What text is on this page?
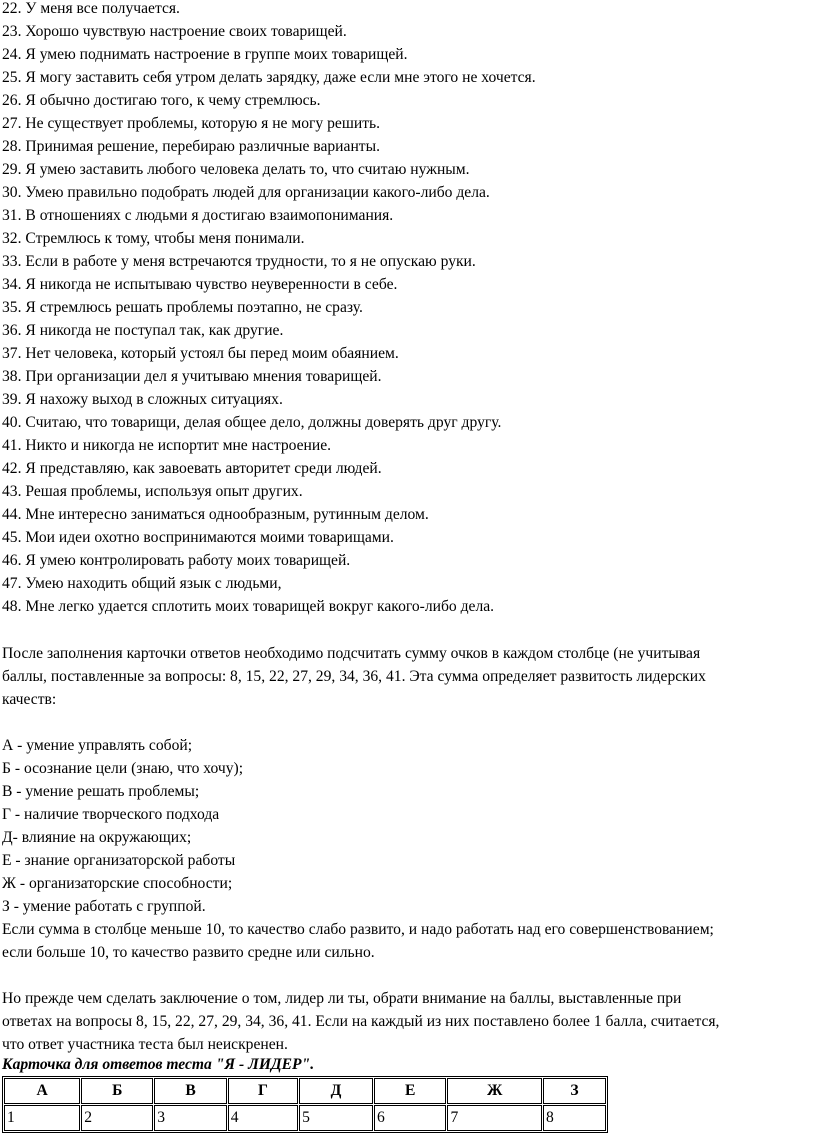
22. У меня все получается.
23. Хорошо чувствую настроение своих товарищей.
24. Я умею поднимать настроение в группе моих товарищей.
25. Я могу заставить себя утром делать зарядку, даже если мне этого не хочется.
26. Я обычно достигаю того, к чему стремлюсь.
27. Не существует проблемы, которую я не могу решить.
28. Принимая решение, перебираю различные варианты.
29. Я умею заставить любого человека делать то, что считаю нужным.
30. Умею правильно подобрать людей для организации какого-либо дела.
31. В отношениях с людьми я достигаю взаимопонимания.
32. Стремлюсь к тому, чтобы меня понимали.
33. Если в работе у меня встречаются трудности, то я не опускаю руки.
34. Я никогда не испытываю чувство неуверенности в себе.
35. Я стремлюсь решать проблемы поэтапно, не сразу.
36. Я никогда не поступал так, как другие.
37. Нет человека, который устоял бы перед моим обаянием.
38. При организации дел я учитываю мнения товарищей.
39. Я нахожу выход в сложных ситуациях.
40. Считаю, что товарищи, делая общее дело, должны доверять друг другу.
41. Никто и никогда не испортит мне настроение.
42. Я представляю, как завоевать авторитет среди людей.
43. Решая проблемы, используя опыт других.
44. Мне интересно заниматься однообразным, рутинным делом.
45. Мои идеи охотно воспринимаются моими товарищами.
46. Я умею контролировать работу моих товарищей.
47. Умею находить общий язык с людьми,
48. Мне легко удается сплотить моих товарищей вокруг какого-либо дела.
После заполнения карточки ответов необходимо подсчитать сумму очков в каждом столбце (не учитывая
баллы, поставленные за вопросы: 8, 15, 22, 27, 29, 34, 36, 41. Эта сумма определяет развитость лидерских
качеств:
А - умение управлять собой;
Б - осознание цели (знаю, что хочу);
В - умение решать проблемы;
Г - наличие творческого подхода
Д- влияние на окружающих;
Е - знание организаторской работы
Ж - организаторские способности;
З - умение работать с группой.
Если сумма в столбце меньше 10, то качество слабо развито, и надо работать над его совершенствованием;
если больше 10, то качество развито средне или сильно.
Но прежде чем сделать заключение о том, лидер ли ты, обрати внимание на баллы, выставленные при
ответах на вопросы 8, 15, 22, 27, 29, 34, 36, 41. Если на каждый из них поставлено более 1 балла, считается,
что ответ участника теста был неискренен.
Карточка для ответов теста "Я - ЛИДЕР".
А	Б	В	Г	Д	Е	Ж	З
1	2	3	4	5	6	7	8
